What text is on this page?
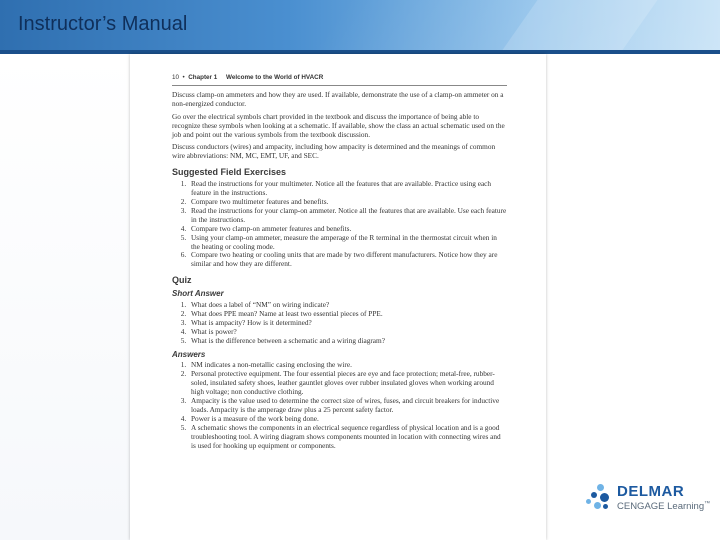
Instructor’s Manual
10  •  Chapter 1 Welcome to the World of HVACR

Discuss clamp-on ammeters and how they are used. If available, demonstrate the use of a clamp-on ammeter on a non-energized conductor.

Go over the electrical symbols chart provided in the textbook and discuss the importance of being able to recognize these symbols when looking at a schematic. If available, show the class an actual schematic used on the job and point out the various symbols from the textbook discussion.

Discuss conductors (wires) and ampacity, including how ampacity is determined and the meanings of common wire abbreviations: NM, MC, EMT, UF, and SEC.

Suggested Field Exercises
1. Read the instructions for your multimeter. Notice all the features that are available. Practice using each feature in the instructions.
2. Compare two multimeter features and benefits.
3. Read the instructions for your clamp-on ammeter. Notice all the features that are available. Use each feature in the instructions.
4. Compare two clamp-on ammeter features and benefits.
5. Using your clamp-on ammeter, measure the amperage of the R terminal in the thermostat circuit when in the heating or cooling mode.
6. Compare two heating or cooling units that are made by two different manufacturers. Notice how they are similar and how they are different.
Quiz
Short Answer
1. What does a label of “NM” on wiring indicate?
2. What does PPE mean? Name at least two essential pieces of PPE.
3. What is ampacity? How is it determined?
4. What is power?
5. What is the difference between a schematic and a wiring diagram?
Answers
1. NM indicates a non-metallic casing enclosing the wire.
2. Personal protective equipment. The four essential pieces are eye and face protection; metal-free, rubber-soled, insulated safety shoes, leather gauntlet gloves over rubber insulated gloves when working around high voltage; non conductive clothing.
3. Ampacity is the value used to determine the correct size of wires, fuses, and circuit breakers for inductive loads. Ampacity is the amperage draw plus a 25 percent safety factor.
4. Power is a measure of the work being done.
5. A schematic shows the components in an electrical sequence regardless of physical location and is a good troubleshooting tool. A wiring diagram shows components mounted in location with connecting wires and is used for hooking up equipment or components.
DELMAR
CENGAGE Learning™
